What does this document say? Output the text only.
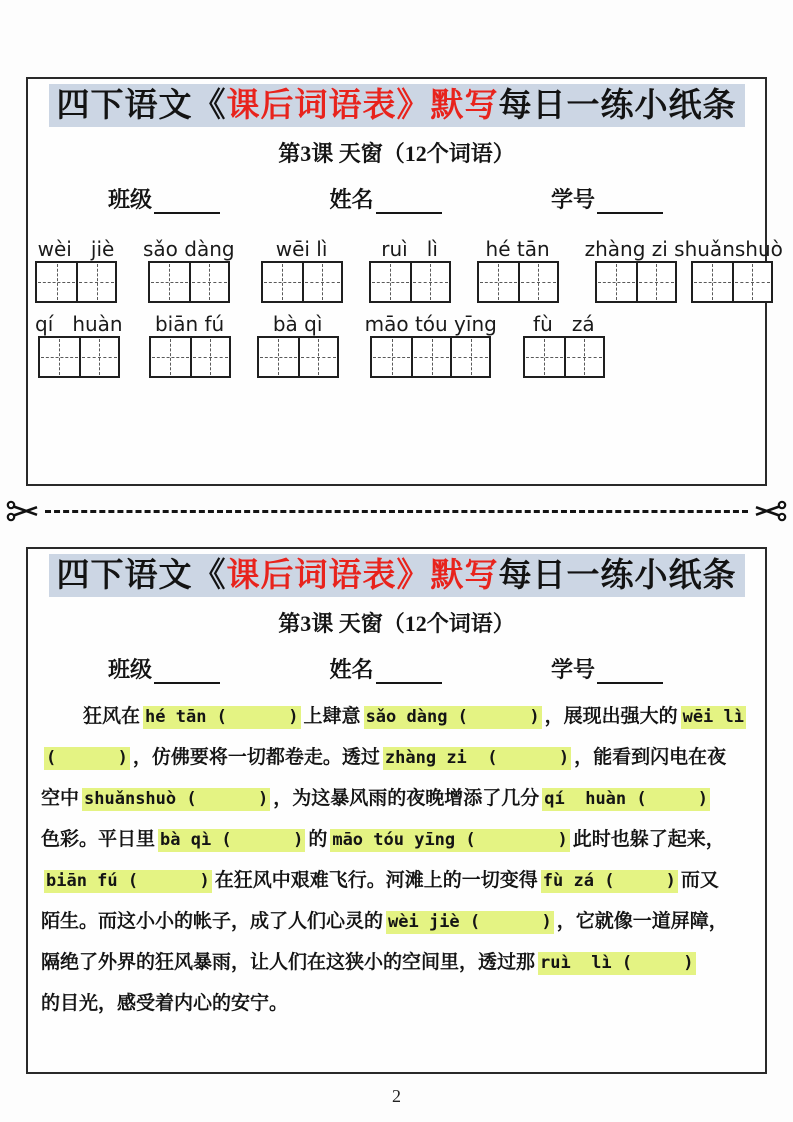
四下语文《课后词语表》默写每日一练小纸条
第3课 天窗（12个词语）
班级	姓名	学号
wèi   jiè sǎo dàng	wēi lì	ruì   lì	hé tān	zhàng zi shuǎnshuò
qí   huàn	biān fú	bà qì	māo tóu yīng	fù   zá
四下语文《课后词语表》默写每日一练小纸条
第3课 天窗（12个词语）
班级	姓名	学号
狂风在 hé tān (      ) 上肆意 sǎo dàng (      ) ，展现出强大的 wēi lì
(      ) ，仿佛要将一切都卷走。透过 zhàng zi  (      ) ，能看到闪电在夜
空中 shuǎnshuò (      ) ，为这暴风雨的夜晚增添了几分 qí  huàn (     )
色彩。平日里 bà qì (      ) 的 māo tóu yīng (        ) 此时也躲了起来，
biān fú (      ) 在狂风中艰难飞行。河滩上的一切变得 fù zá (     ) 而又
陌生。而这小小的帐子，成了人们心灵的 wèi jiè (      ) ，它就像一道屏障，
隔绝了外界的狂风暴雨，让人们在这狭小的空间里，透过那 ruì  lì (     )
的目光，感受着内心的安宁。
2
